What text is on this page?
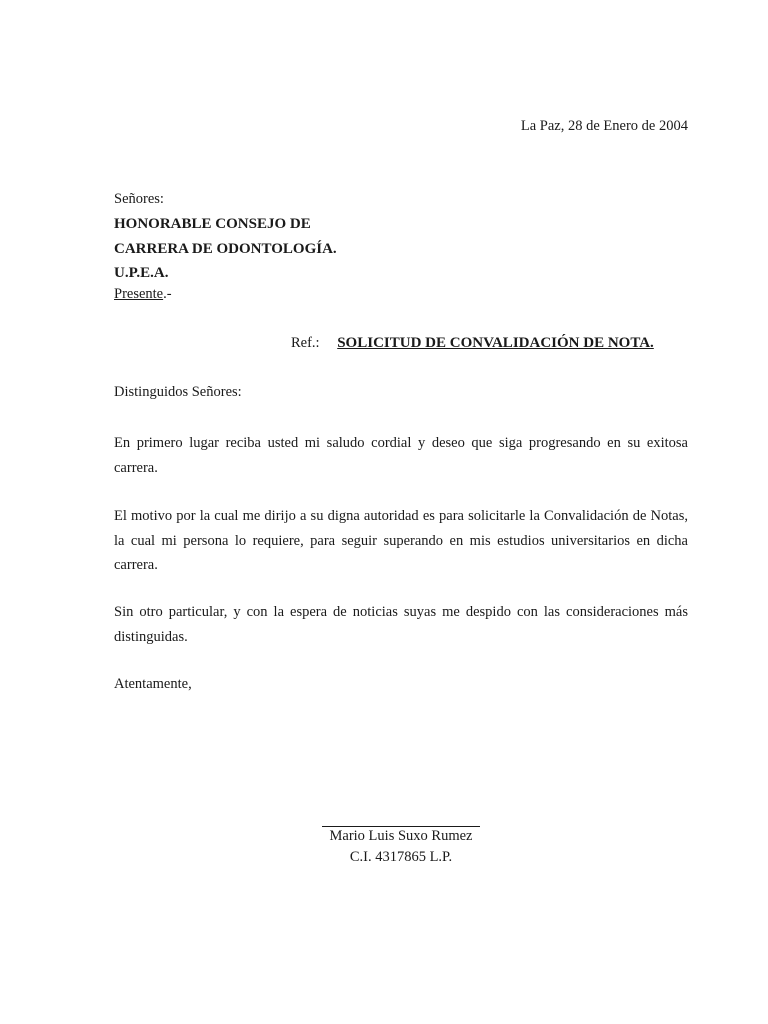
La Paz, 28 de Enero de 2004
Señores:
HONORABLE CONSEJO DE
CARRERA DE ODONTOLOGÍA.
U.P.E.A.
Presente.-
Ref.: SOLICITUD DE CONVALIDACIÓN DE NOTA.
Distinguidos Señores:
En primero lugar reciba usted mi saludo cordial y deseo que siga progresando en su exitosa carrera.
El motivo por la cual me dirijo a su digna autoridad es para solicitarle la Convalidación de Notas, la cual mi persona lo requiere, para seguir superando en mis estudios universitarios en dicha carrera.
Sin otro particular, y con la espera de noticias suyas me despido con las consideraciones más distinguidas.
Atentamente,
Mario Luis Suxo Rumez
C.I. 4317865 L.P.
